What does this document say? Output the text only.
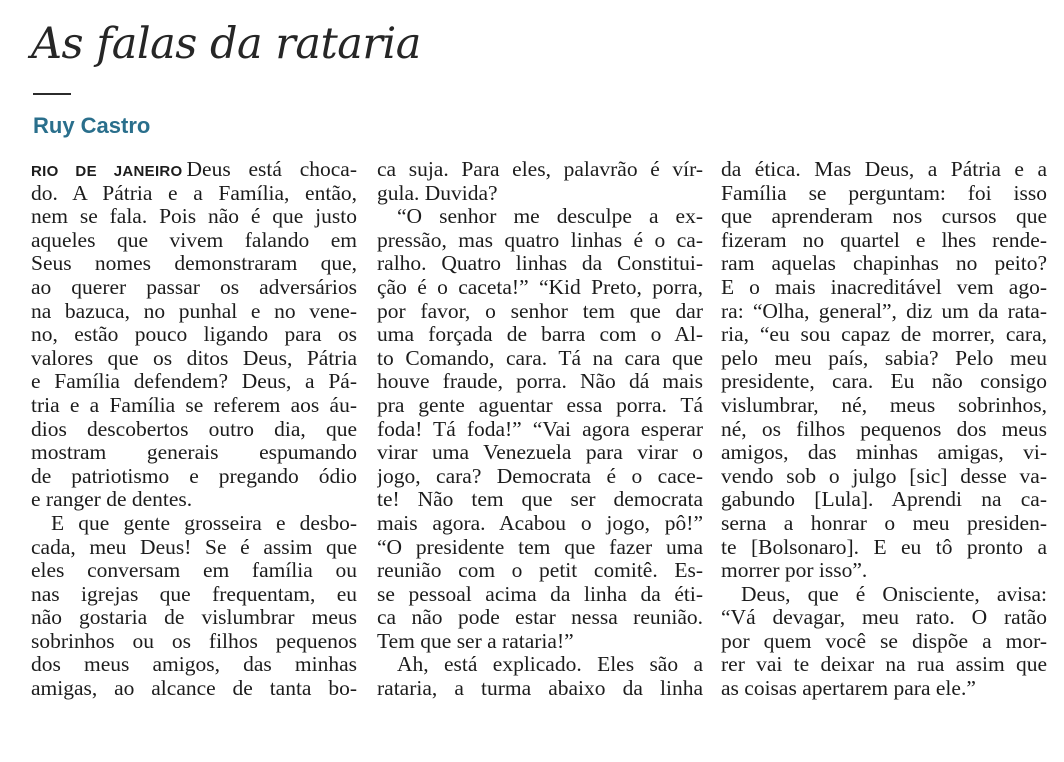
As falas da rataria
Ruy Castro
RIO DE JANEIRO Deus está choca-
do. A Pátria e a Família, então,
nem se fala. Pois não é que justo
aqueles que vivem falando em
Seus nomes demonstraram que,
ao querer passar os adversários
na bazuca, no punhal e no vene-
no, estão pouco ligando para os
valores que os ditos Deus, Pátria
e Família defendem? Deus, a Pá-
tria e a Família se referem aos áu-
dios descobertos outro dia, que
mostram generais espumando
de patriotismo e pregando ódio
e ranger de dentes.
E que gente grosseira e desbo-
cada, meu Deus! Se é assim que
eles conversam em família ou
nas igrejas que frequentam, eu
não gostaria de vislumbrar meus
sobrinhos ou os filhos pequenos
dos meus amigos, das minhas
amigas, ao alcance de tanta bo-
ca suja. Para eles, palavrão é vír-
gula. Duvida?
“O senhor me desculpe a ex-
pressão, mas quatro linhas é o ca-
ralho. Quatro linhas da Constitui-
ção é o caceta!” “Kid Preto, porra,
por favor, o senhor tem que dar
uma forçada de barra com o Al-
to Comando, cara. Tá na cara que
houve fraude, porra. Não dá mais
pra gente aguentar essa porra. Tá
foda! Tá foda!” “Vai agora esperar
virar uma Venezuela para virar o
jogo, cara? Democrata é o cace-
te! Não tem que ser democrata
mais agora. Acabou o jogo, pô!”
“O presidente tem que fazer uma
reunião com o petit comitê. Es-
se pessoal acima da linha da éti-
ca não pode estar nessa reunião.
Tem que ser a rataria!”
Ah, está explicado. Eles são a
rataria, a turma abaixo da linha
da ética. Mas Deus, a Pátria e a
Família se perguntam: foi isso
que aprenderam nos cursos que
fizeram no quartel e lhes rende-
ram aquelas chapinhas no peito?
E o mais inacreditável vem ago-
ra: “Olha, general”, diz um da rata-
ria, “eu sou capaz de morrer, cara,
pelo meu país, sabia? Pelo meu
presidente, cara. Eu não consigo
vislumbrar, né, meus sobrinhos,
né, os filhos pequenos dos meus
amigos, das minhas amigas, vi-
vendo sob o julgo [sic] desse va-
gabundo [Lula]. Aprendi na ca-
serna a honrar o meu presiden-
te [Bolsonaro]. E eu tô pronto a
morrer por isso”.
Deus, que é Onisciente, avisa:
“Vá devagar, meu rato. O ratão
por quem você se dispõe a mor-
rer vai te deixar na rua assim que
as coisas apertarem para ele.”
